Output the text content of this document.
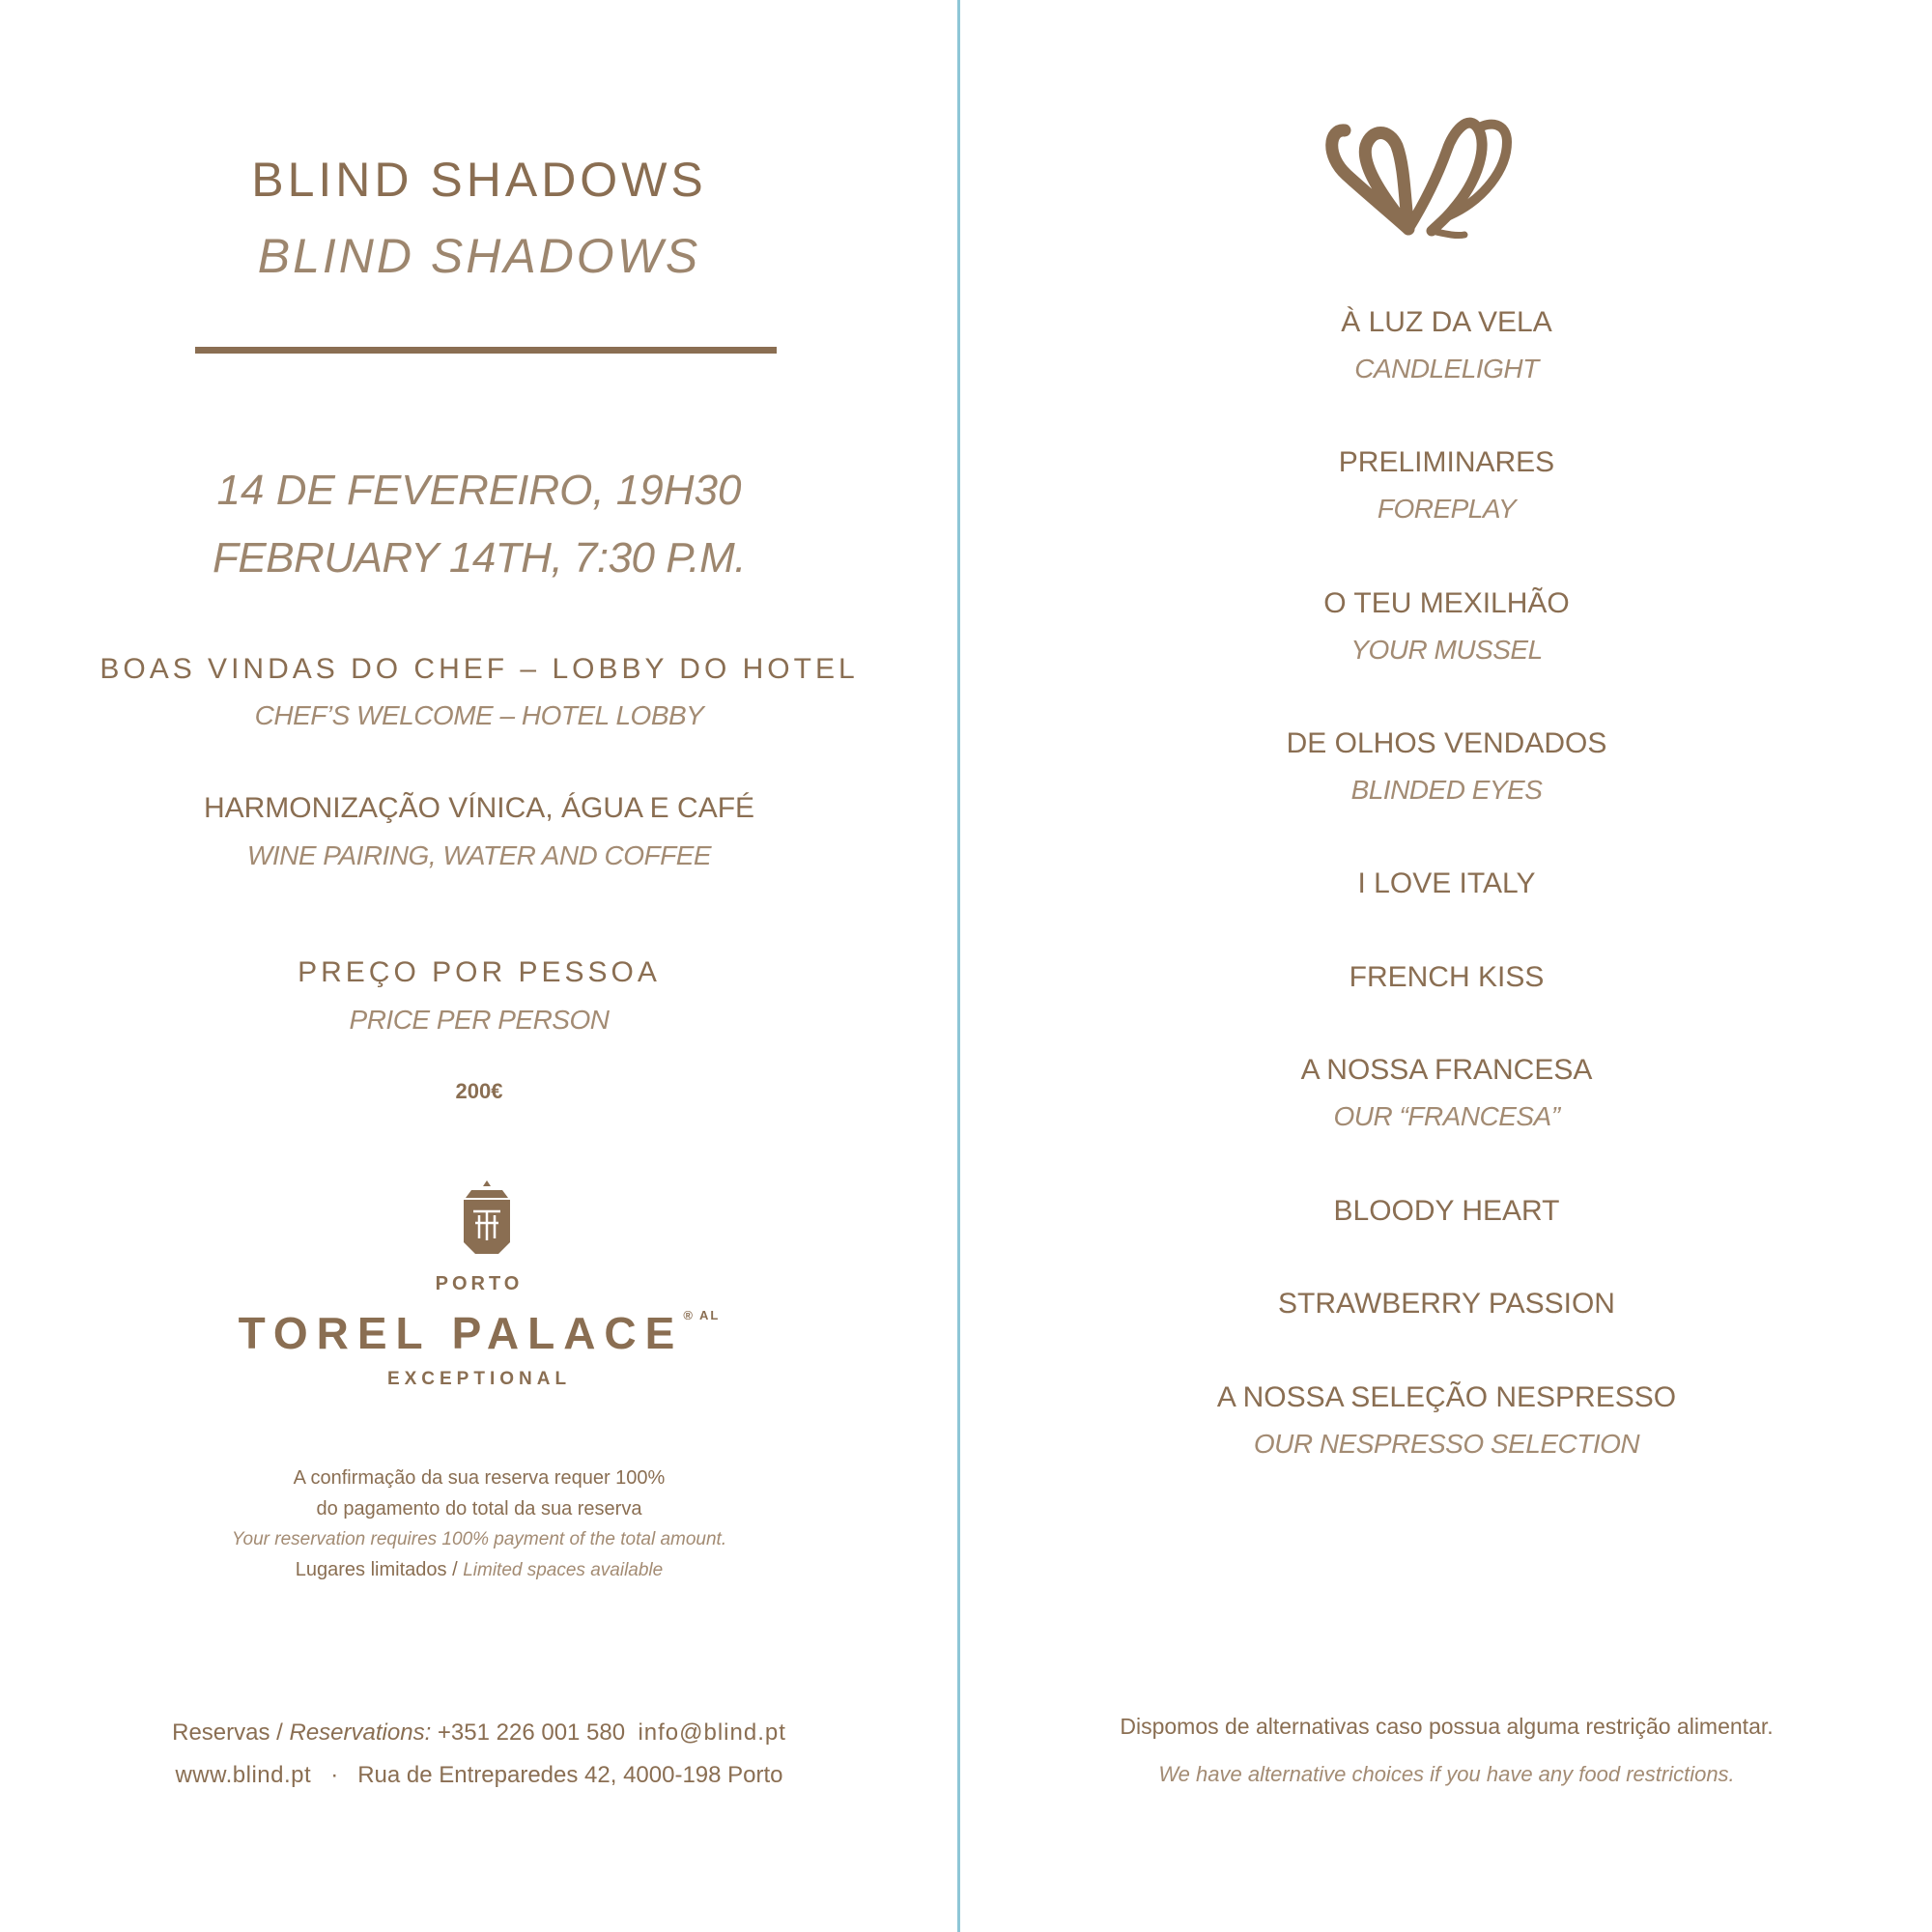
BLIND SHADOWS
BLIND SHADOWS
14 DE FEVEREIRO, 19H30
FEBRUARY 14TH, 7:30 P.M.
BOAS VINDAS DO CHEF – LOBBY DO HOTEL
CHEF’S WELCOME – HOTEL LOBBY
HARMONIZAÇÃO VÍNICA, ÁGUA E CAFÉ
WINE PAIRING, WATER AND COFFEE
PREÇO POR PESSOA
PRICE PER PERSON
200€
PORTO
TOREL $PALACE^{® AL}$
EXCEPTIONAL
A confirmação da sua reserva requer 100%
do pagamento do total da sua reserva
Your reservation requires 100% payment of the total amount.
Lugares limitados / Limited spaces available
Reservas / Reservations: +351 226 001 580 info@blind.pt
www.blind.pt · Rua de Entreparedes 42, 4000-198 Porto
À LUZ DA VELA
CANDLELIGHT
PRELIMINARES
FOREPLAY
O TEU MEXILHÃO
YOUR MUSSEL
DE OLHOS VENDADOS
BLINDED EYES
I LOVE ITALY
FRENCH KISS
A NOSSA FRANCESA
OUR “FRANCESA”
BLOODY HEART
STRAWBERRY PASSION
A NOSSA SELEÇÃO NESPRESSO
OUR NESPRESSO SELECTION
Dispomos de alternativas caso possua alguma restrição alimentar.
We have alternative choices if you have any food restrictions.
